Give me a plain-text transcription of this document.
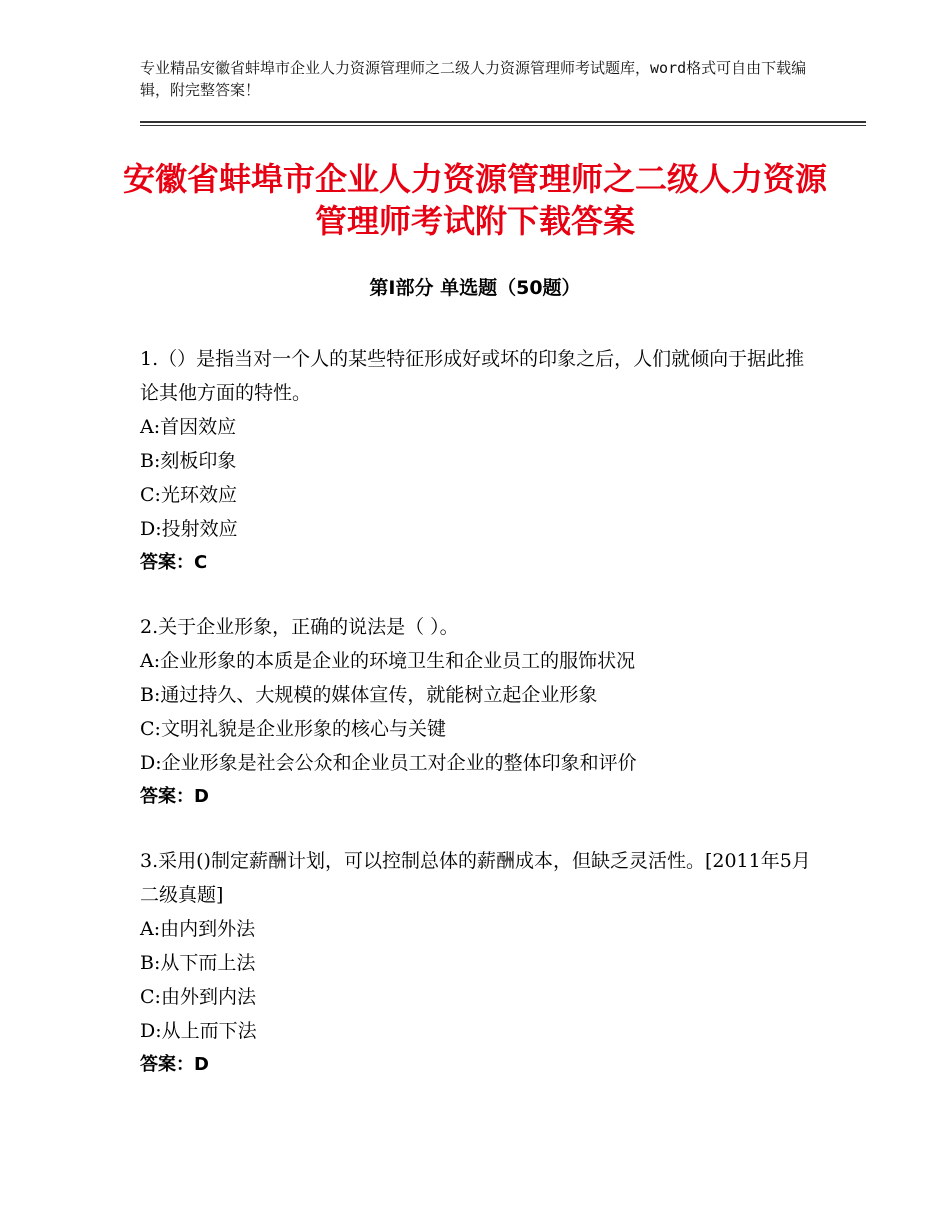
专业精品安徽省蚌埠市企业人力资源管理师之二级人力资源管理师考试题库，word格式可自由下载编辑，附完整答案！
安徽省蚌埠市企业人力资源管理师之二级人力资源管理师考试附下载答案
第Ⅰ部分 单选题（50题）

1.（）是指当对一个人的某些特征形成好或坏的印象之后，人们就倾向于据此推论其他方面的特性。

A:首因效应

B:刻板印象

C:光环效应

D:投射效应

答案：C

2.关于企业形象，正确的说法是（ ）。

A:企业形象的本质是企业的环境卫生和企业员工的服饰状况

B:通过持久、大规模的媒体宣传，就能树立起企业形象

C:文明礼貌是企业形象的核心与关键

D:企业形象是社会公众和企业员工对企业的整体印象和评价

答案：D

3.采用()制定薪酬计划，可以控制总体的薪酬成本，但缺乏灵活性。[2011年5月二级真题]

A:由内到外法

B:从下而上法

C:由外到内法

D:从上而下法

答案：D
